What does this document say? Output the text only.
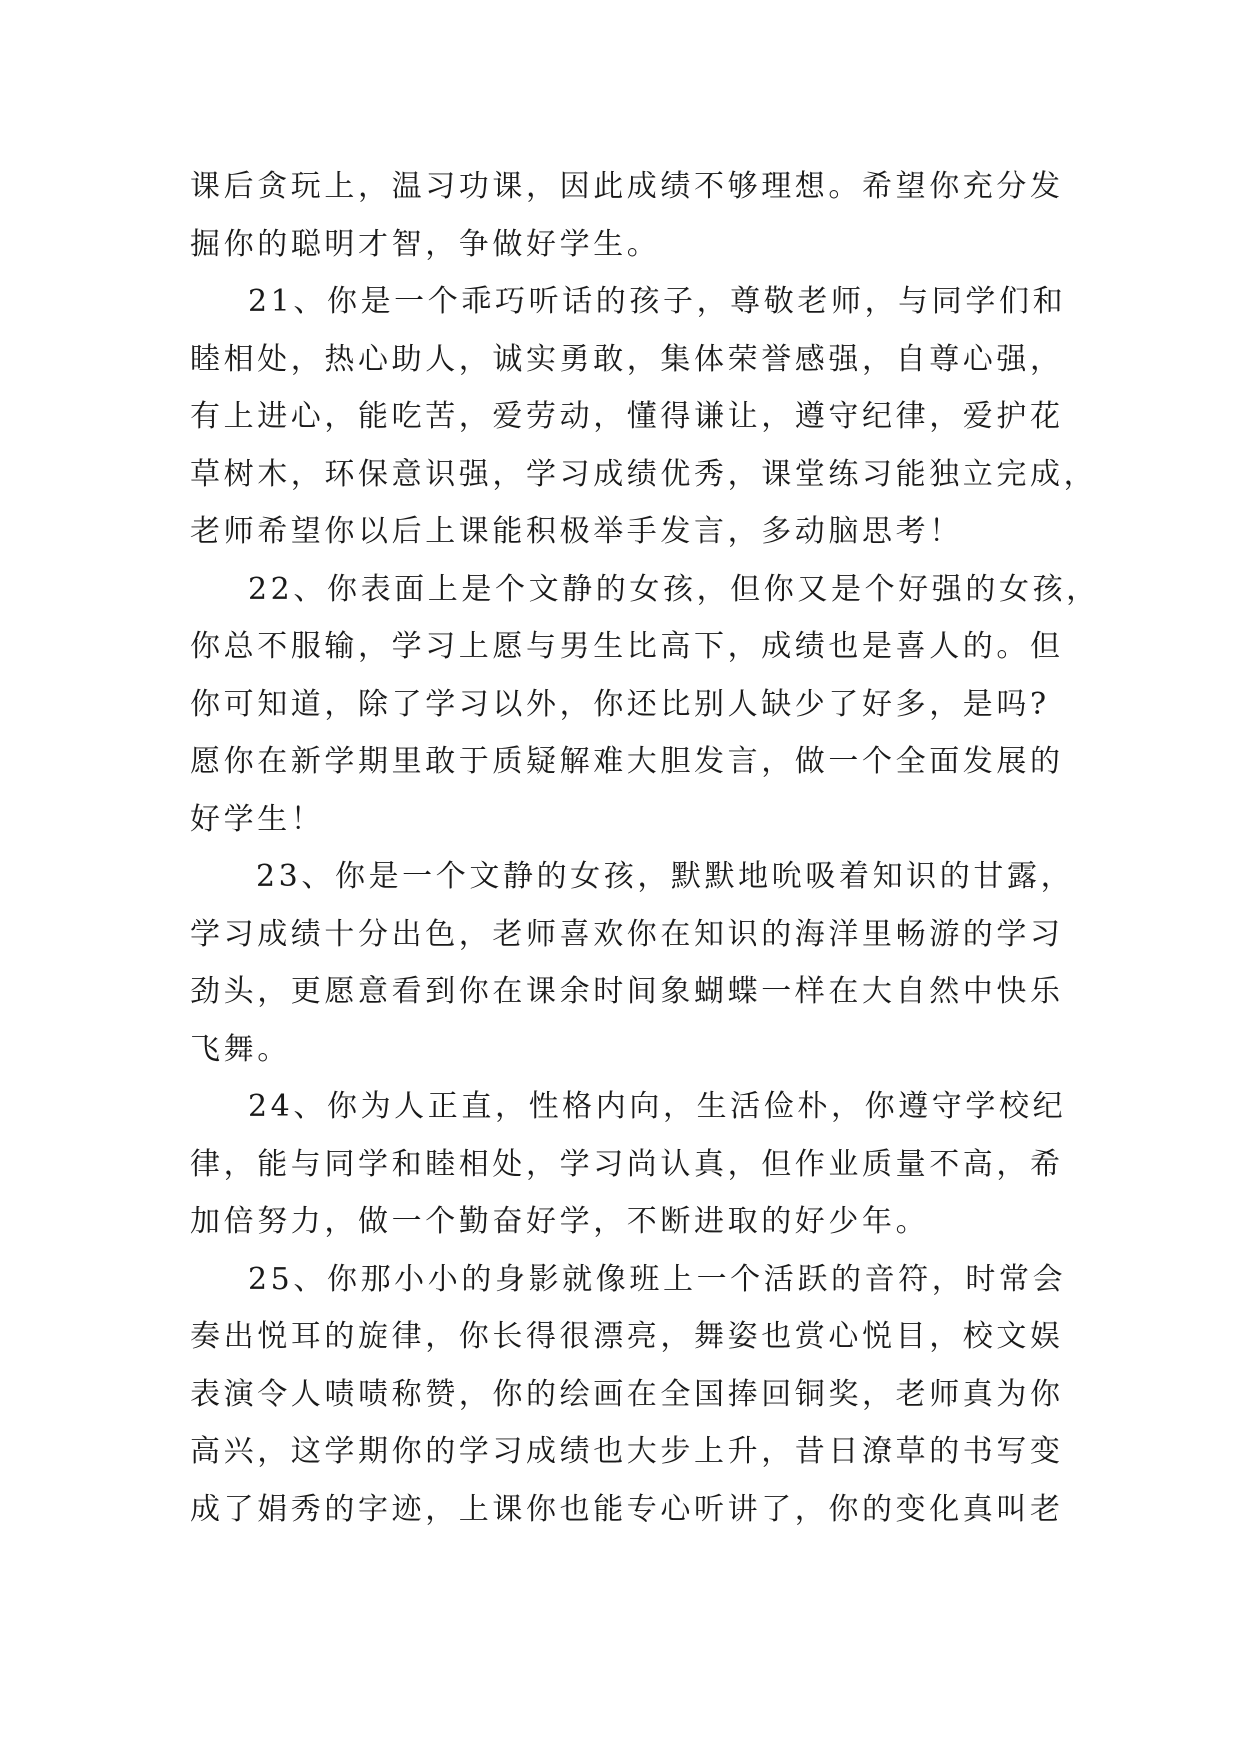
课后贪玩上，温习功课，因此成绩不够理想。希望你充分发
掘你的聪明才智，争做好学生。
21、你是一个乖巧听话的孩子，尊敬老师，与同学们和
睦相处，热心助人，诚实勇敢，集体荣誉感强，自尊心强，
有上进心，能吃苦，爱劳动，懂得谦让，遵守纪律，爱护花
草树木，环保意识强，学习成绩优秀，课堂练习能独立完成，
老师希望你以后上课能积极举手发言，多动脑思考！
22、你表面上是个文静的女孩，但你又是个好强的女孩，
你总不服输，学习上愿与男生比高下，成绩也是喜人的。但
你可知道，除了学习以外，你还比别人缺少了好多，是吗?
愿你在新学期里敢于质疑解难大胆发言，做一个全面发展的
好学生！
23、你是一个文静的女孩，默默地吮吸着知识的甘露，
学习成绩十分出色，老师喜欢你在知识的海洋里畅游的学习
劲头，更愿意看到你在课余时间象蝴蝶一样在大自然中快乐
飞舞。
24、你为人正直，性格内向，生活俭朴，你遵守学校纪
律，能与同学和睦相处，学习尚认真，但作业质量不高，希
加倍努力，做一个勤奋好学，不断进取的好少年。
25、你那小小的身影就像班上一个活跃的音符，时常会
奏出悦耳的旋律，你长得很漂亮，舞姿也赏心悦目，校文娱
表演令人啧啧称赞，你的绘画在全国捧回铜奖，老师真为你
高兴，这学期你的学习成绩也大步上升，昔日潦草的书写变
成了娟秀的字迹，上课你也能专心听讲了，你的变化真叫老
